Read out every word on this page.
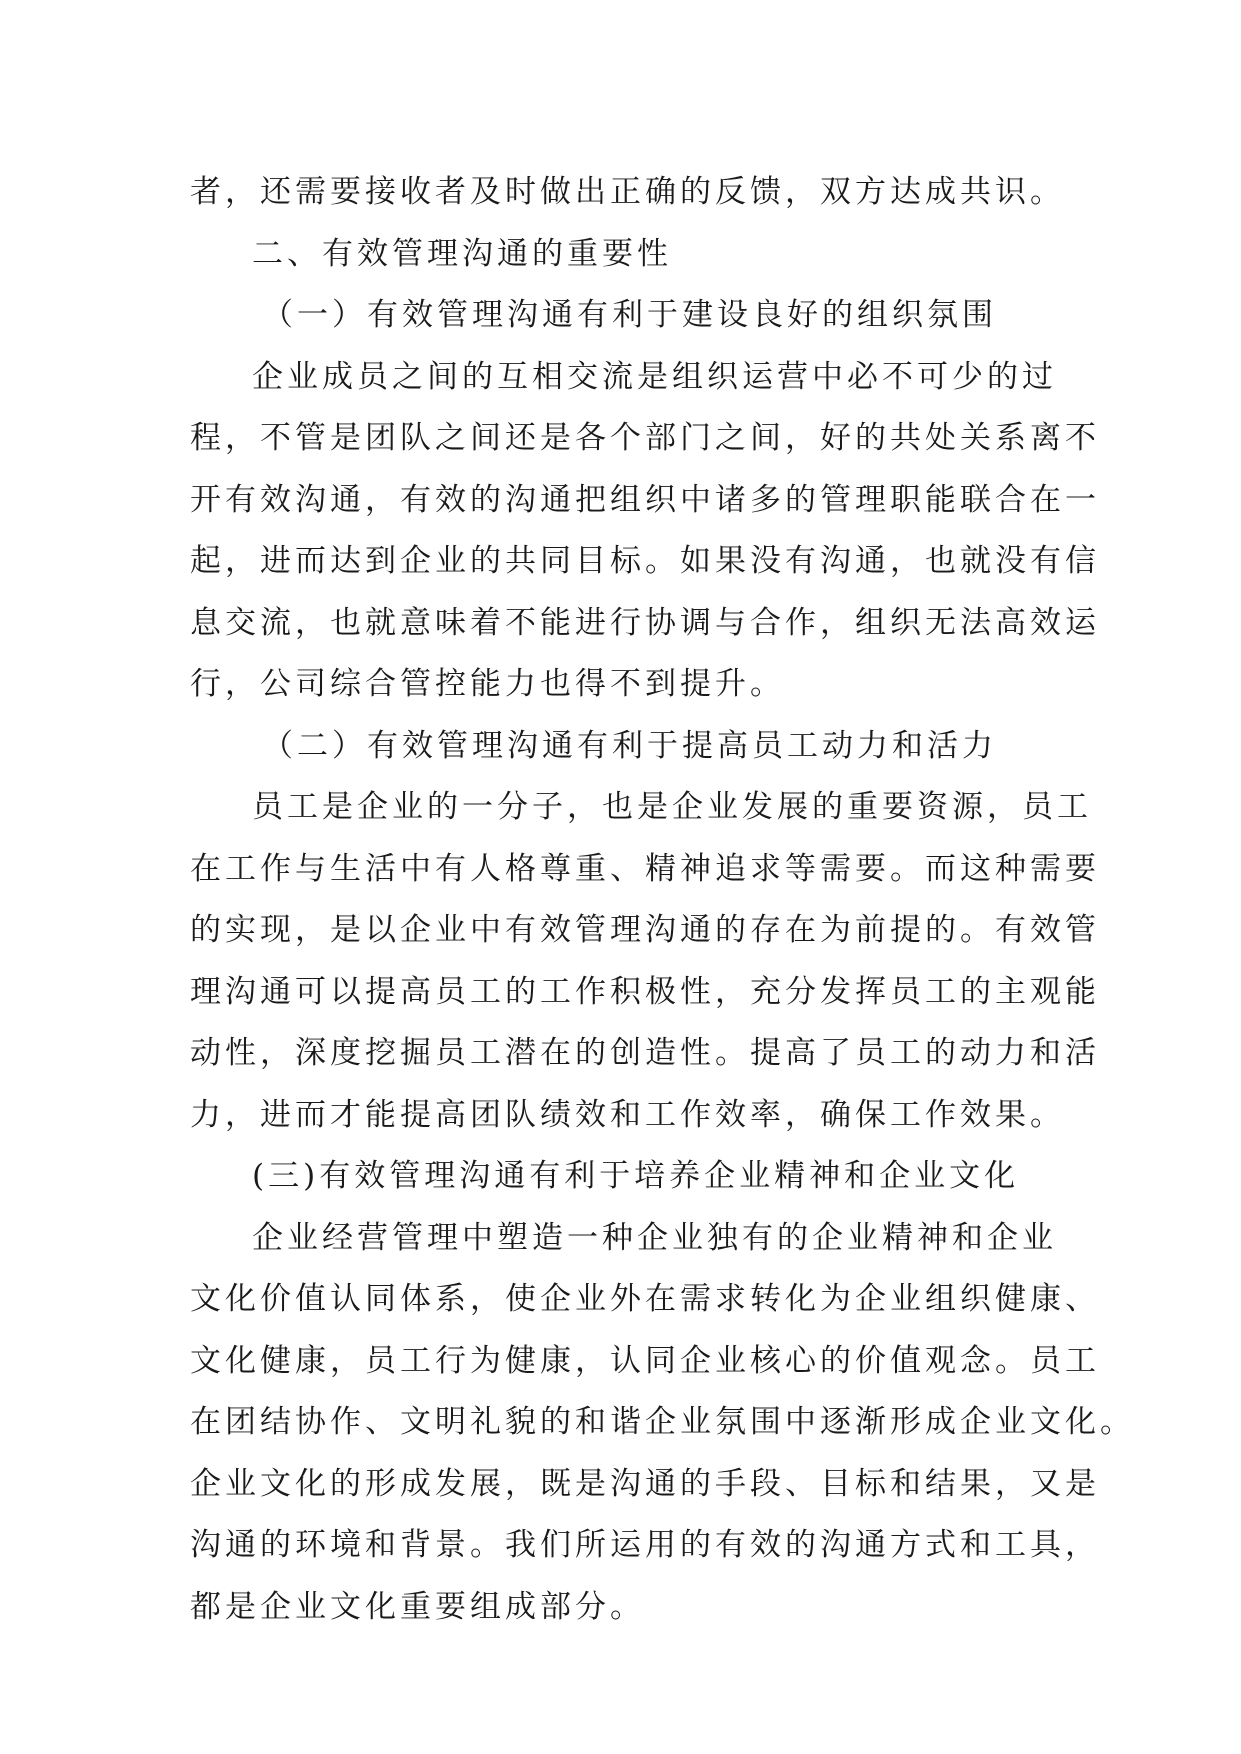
者，还需要接收者及时做出正确的反馈，双方达成共识。
二、有效管理沟通的重要性
（一）有效管理沟通有利于建设良好的组织氛围
企业成员之间的互相交流是组织运营中必不可少的过
程，不管是团队之间还是各个部门之间，好的共处关系离不
开有效沟通，有效的沟通把组织中诸多的管理职能联合在一
起，进而达到企业的共同目标。如果没有沟通，也就没有信
息交流，也就意味着不能进行协调与合作，组织无法高效运
行，公司综合管控能力也得不到提升。
（二）有效管理沟通有利于提高员工动力和活力
员工是企业的一分子，也是企业发展的重要资源，员工
在工作与生活中有人格尊重、精神追求等需要。而这种需要
的实现，是以企业中有效管理沟通的存在为前提的。有效管
理沟通可以提高员工的工作积极性，充分发挥员工的主观能
动性，深度挖掘员工潜在的创造性。提高了员工的动力和活
力，进而才能提高团队绩效和工作效率，确保工作效果。
(三)有效管理沟通有利于培养企业精神和企业文化
企业经营管理中塑造一种企业独有的企业精神和企业
文化价值认同体系，使企业外在需求转化为企业组织健康、
文化健康，员工行为健康，认同企业核心的价值观念。员工
在团结协作、文明礼貌的和谐企业氛围中逐渐形成企业文化。
企业文化的形成发展，既是沟通的手段、目标和结果，又是
沟通的环境和背景。我们所运用的有效的沟通方式和工具，
都是企业文化重要组成部分。
